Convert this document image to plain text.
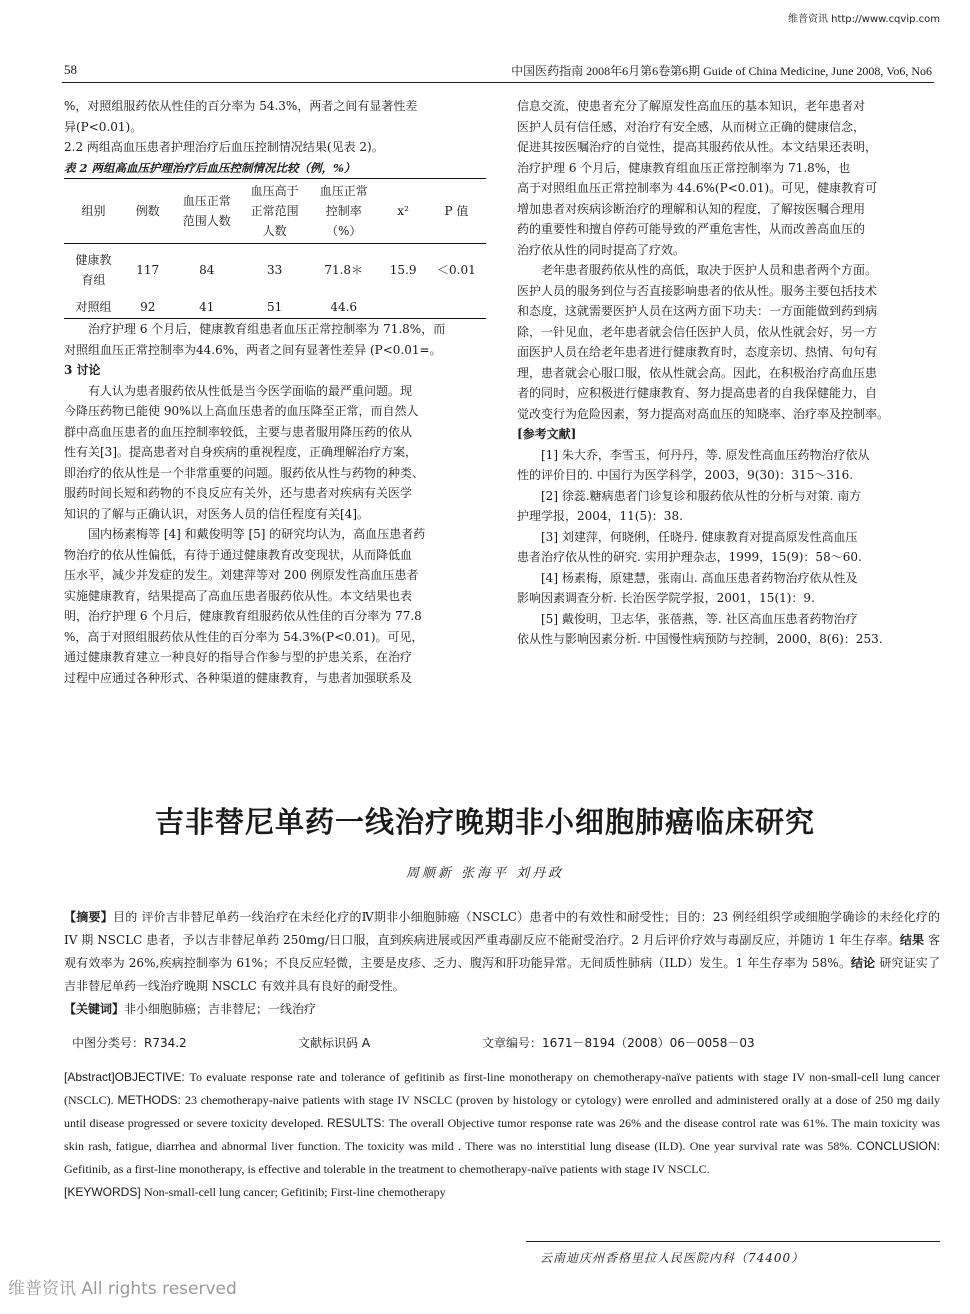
维普资讯 http://www.cqvip.com
58	中国医药指南 2008年6月第6卷第6期 Guide of China Medicine, June 2008, Vo6, No6
%，对照组服药依从性佳的百分率为 54.3%，两者之间有显著性差
异(P<0.01)。

2.2 两组高血压患者护理治疗后血压控制情况结果(见表 2)。

表 2 两组高血压护理治疗后血压控制情况比较（例，%）

组别	例数	血压正常范围人数	血压高于正常范围人数	血压正常控制率（%）	x²	P 值
健康教育组	117	84	33	71.8＊	15.9	＜0.01
对照组	92	41	51	44.6		
治疗护理 6 个月后，健康教育组患者血压正常控制率为 71.8%，而
对照组血压正常控制率为44.6%，两者之间有显著性差异 (P<0.01=。

3 讨论

有人认为患者服药依从性低是当今医学面临的最严重问题。现
今降压药物已能使 90%以上高血压患者的血压降至正常，而自然人
群中高血压患者的血压控制率较低，主要与患者服用降压药的依从
性有关[3]。提高患者对自身疾病的重视程度，正确理解治疗方案，
即治疗的依从性是一个非常重要的问题。服药依从性与药物的种类、
服药时间长短和药物的不良反应有关外，还与患者对疾病有关医学
知识的了解与正确认识，对医务人员的信任程度有关[4]。
国内杨素梅等 [4] 和戴俊明等 [5] 的研究均认为，高血压患者药
物治疗的依从性偏低，有待于通过健康教育改变现状，从而降低血
压水平，减少并发症的发生。刘建萍等对 200 例原发性高血压患者
实施健康教育，结果提高了高血压患者服药依从性。本文结果也表
明，治疗护理 6 个月后，健康教育组服药依从性佳的百分率为 77.8
%，高于对照组服药依从性佳的百分率为 54.3%(P<0.01)。可见，
通过健康教育建立一种良好的指导合作参与型的护患关系，在治疗
过程中应通过各种形式、各种渠道的健康教育，与患者加强联系及
信息交流，使患者充分了解原发性高血压的基本知识，老年患者对
医护人员有信任感，对治疗有安全感，从而树立正确的健康信念，
促进其按医嘱治疗的自觉性，提高其服药依从性。本文结果还表明，
治疗护理 6 个月后，健康教育组血压正常控制率为 71.8%，也
高于对照组血压正常控制率为 44.6%(P<0.01)。可见，健康教育可
增加患者对疾病诊断治疗的理解和认知的程度，了解按医嘱合理用
药的重要性和擅自停药可能导致的严重危害性，从而改善高血压的
治疗依从性的同时提高了疗效。
老年患者服药依从性的高低，取决于医护人员和患者两个方面。
医护人员的服务到位与否直接影响患者的依从性。服务主要包括技术
和态度，这就需要医护人员在这两方面下功夫：一方面能做到药到病
除，一针见血，老年患者就会信任医护人员，依从性就会好，另一方
面医护人员在给老年患者进行健康教育时，态度亲切、热情、句句有
理，患者就会心服口服，依从性就会高。因此，在积极治疗高血压患
者的同时，应积极进行健康教育、努力提高患者的自我保健能力，自
觉改变行为危险因素，努力提高对高血压的知晓率、治疗率及控制率。

[参考文献]

[1] 朱大乔，李雪玉，何丹丹，等. 原发性高血压药物治疗依从
性的评价目的. 中国行为医学科学，2003，9(30)：315～316.
[2] 徐蕊.糖病患者门诊复诊和服药依从性的分析与对策. 南方
护理学报，2004，11(5)：38.
[3] 刘建萍，何晓俐，任晓丹. 健康教育对提高原发性高血压
患者治疗依从性的研究. 实用护理杂志，1999，15(9)：58～60.
[4] 杨素梅，原建慧，张南山. 高血压患者药物治疗依从性及
影响因素调查分析. 长治医学院学报，2001，15(1)：9.
[5] 戴俊明，卫志华，张蓓燕，等. 社区高血压患者药物治疗
依从性与影响因素分析. 中国慢性病预防与控制，2000，8(6)：253.
吉非替尼单药一线治疗晚期非小细胞肺癌临床研究
周顺新 张海平 刘丹政

【摘要】目的 评价吉非替尼单药一线治疗在未经化疗的Ⅳ期非小细胞肺癌（NSCLC）患者中的有效性和耐受性；目的：23 例经组织学或细胞学确诊的未经化疗的 IV 期 NSCLC 患者，予以吉非替尼单药 250mg/日口服，直到疾病进展或因严重毒副反应不能耐受治疗。2 月后评价疗效与毒副反应，并随访 1 年生存率。结果 客观有效率为 26%,疾病控制率为 61%；不良反应轻微，主要是皮疹、乏力、腹泻和肝功能异常。无间质性肺病（ILD）发生。1 年生存率为 58%。结论 研究证实了吉非替尼单药一线治疗晚期 NSCLC 有效并具有良好的耐受性。

【关键词】非小细胞肺癌；吉非替尼；一线治疗

中图分类号：R734.2	文献标识码 A	文章编号：1671－8194（2008）06－0058－03

[Abstract]OBJECTIVE: To evaluate response rate and tolerance of gefitinib as first-line monotherapy on chemotherapy-naïve patients with stage IV non-small-cell lung cancer (NSCLC). METHODS: 23 chemotherapy-naive patients with stage IV NSCLC (proven by histology or cytology) were enrolled and administered orally at a dose of 250 mg daily until disease progressed or severe toxicity developed. RESULTS: The overall Objective tumor response rate was 26% and the disease control rate was 61%. The main toxicity was skin rash, fatigue, diarrhea and abnormal liver function. The toxicity was mild . There was no interstitial lung disease (ILD). One year survival rate was 58%. CONCLUSION: Gefitinib, as a first-line monotherapy, is effective and tolerable in the treatment to chemotherapy-naïve patients with stage IV NSCLC.

[KEYWORDS] Non-small-cell lung cancer; Gefitinib; First-line chemotherapy

云南迪庆州香格里拉人民医院内科（74400）
维普资讯 All rights reserved
